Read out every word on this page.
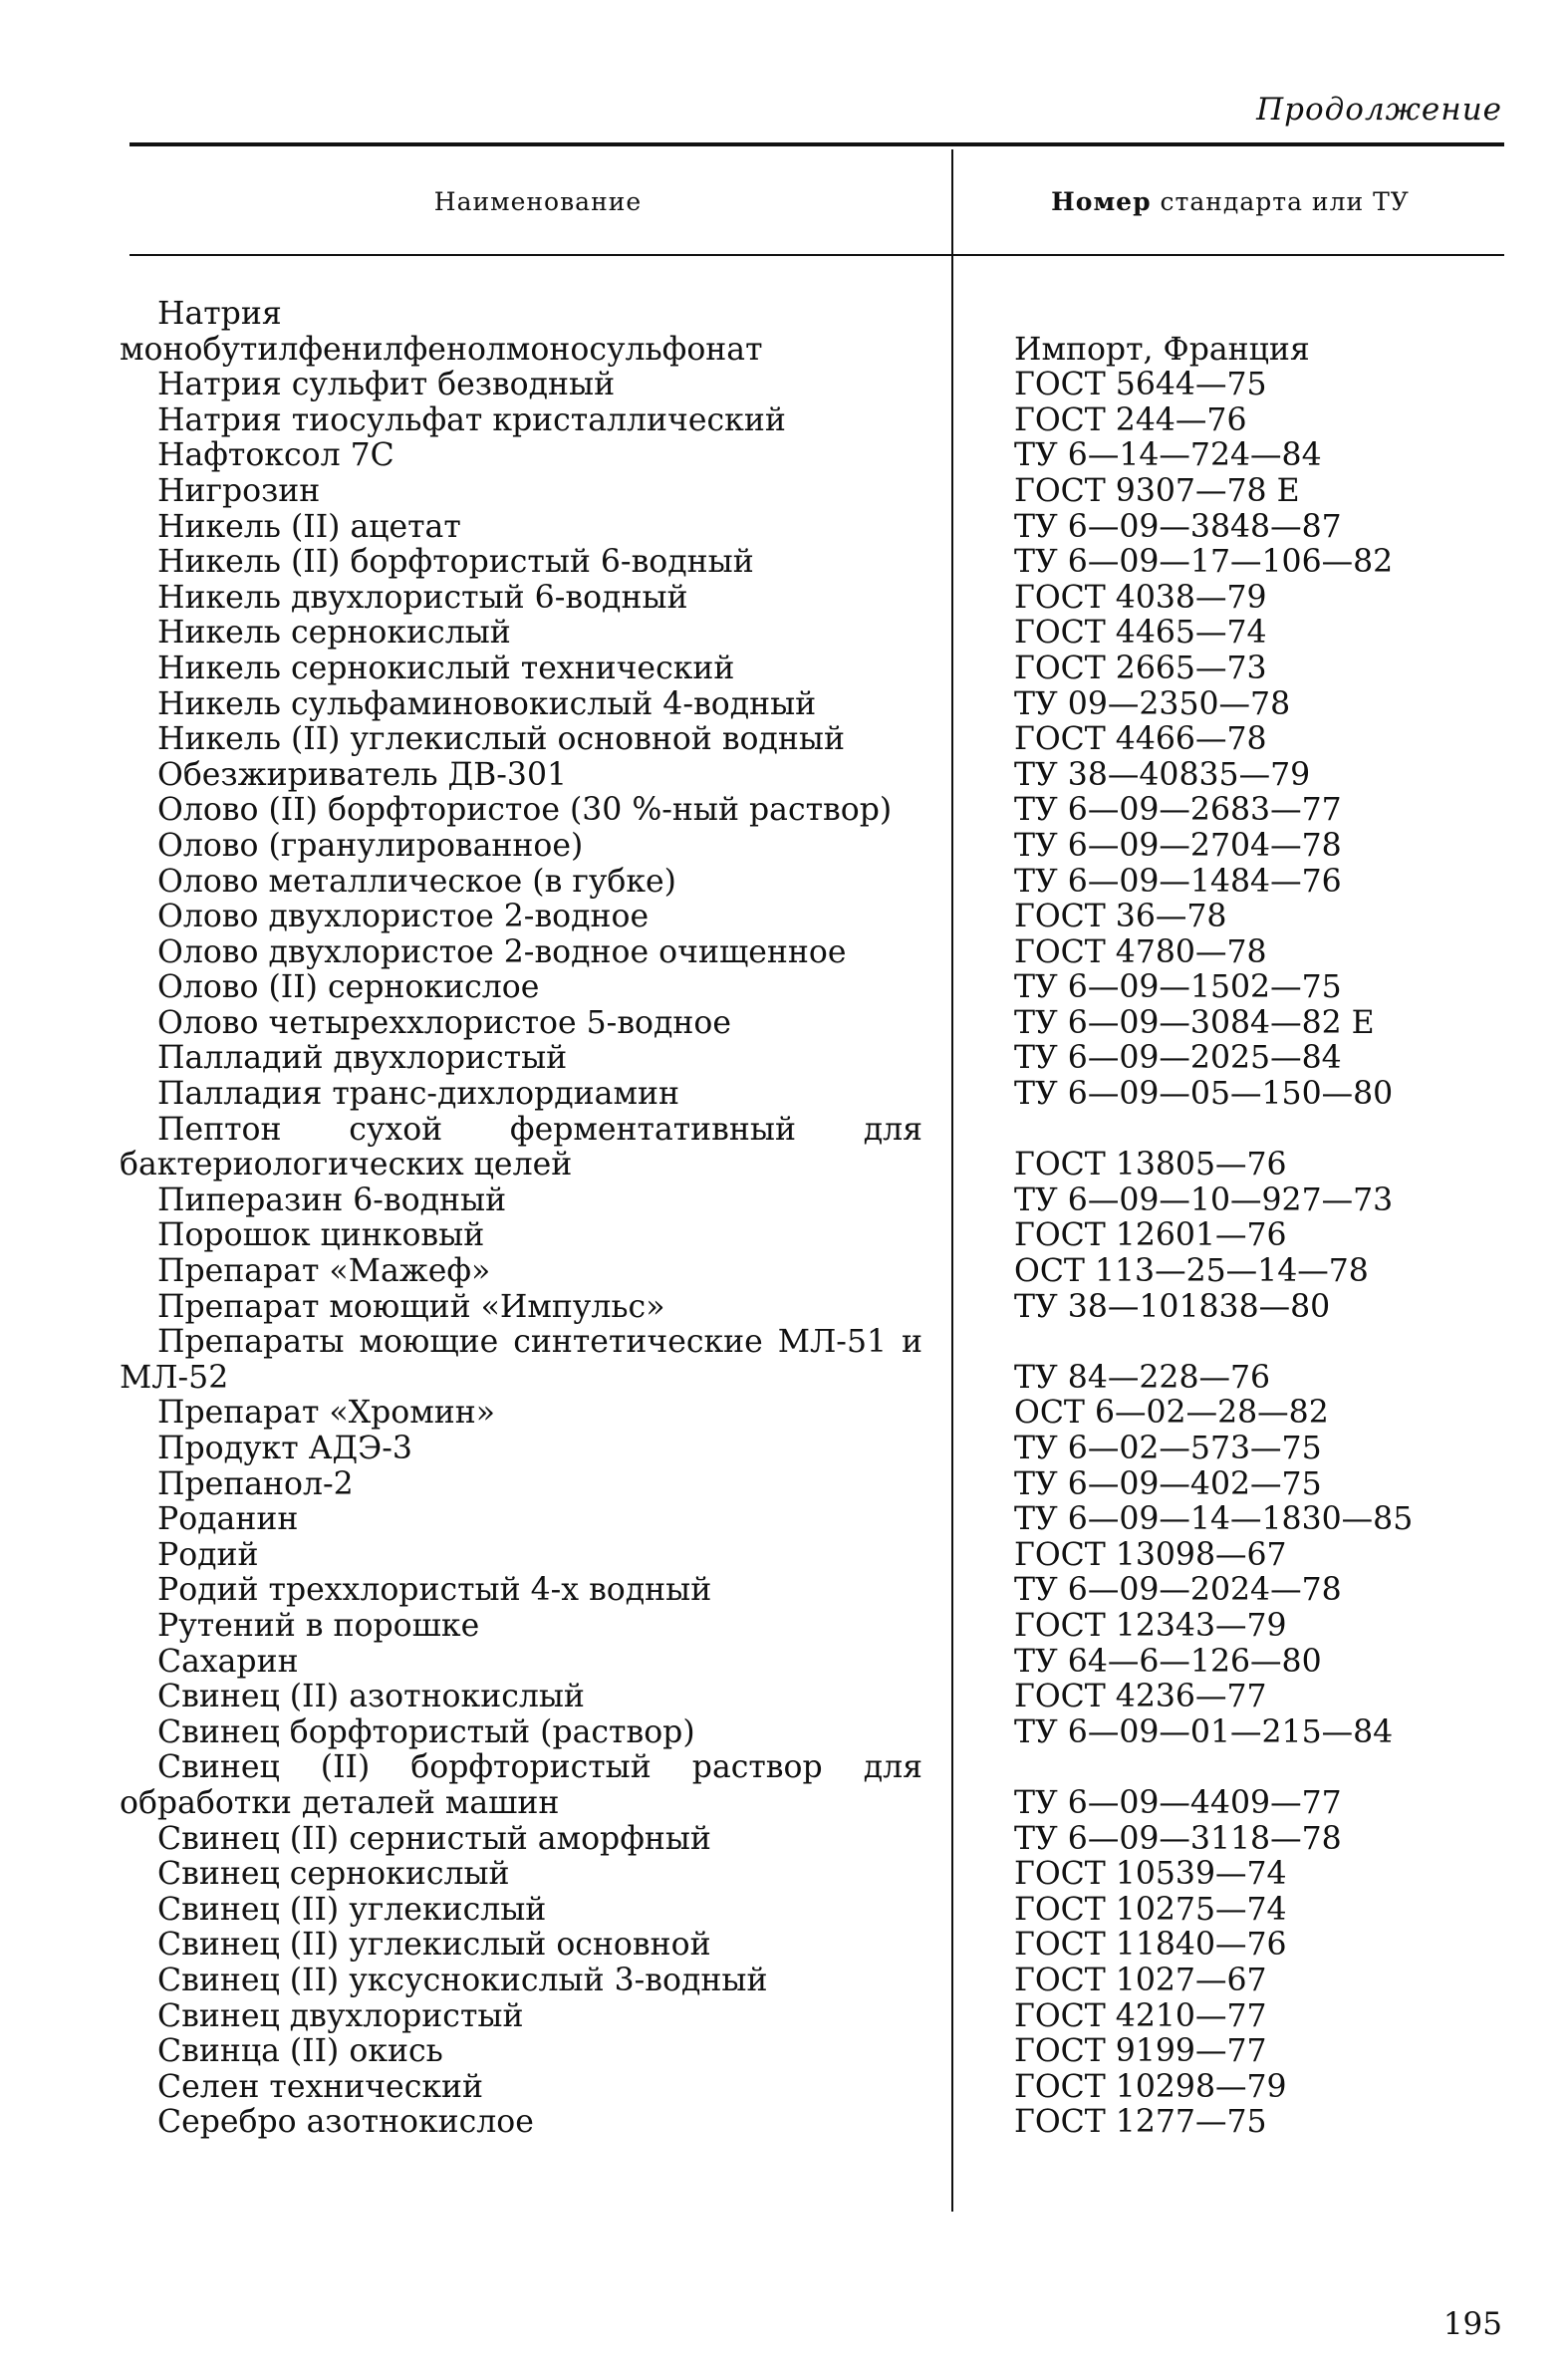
Продолжение
Наименование	Номер стандарта или ТУ
Натрия монобутилфенилфенолмоносульфонат	Импорт, Франция
Натрия сульфит безводный	ГОСТ 5644—75
Натрия тиосульфат кристаллический	ГОСТ 244—76
Нафтоксол 7С	ТУ 6—14—724—84
Нигрозин	ГОСТ 9307—78 Е
Никель (II) ацетат	ТУ 6—09—3848—87
Никель (II) борфтористый 6-водный	ТУ 6—09—17—106—82
Никель двухлористый 6-водный	ГОСТ 4038—79
Никель сернокислый	ГОСТ 4465—74
Никель сернокислый технический	ГОСТ 2665—73
Никель сульфаминовокислый 4-водный	ТУ 09—2350—78
Никель (II) углекислый основной водный	ГОСТ 4466—78
Обезжириватель ДВ-301	ТУ 38—40835—79
Олово (II) борфтористое (30 %-ный раствор)	ТУ 6—09—2683—77
Олово (гранулированное)	ТУ 6—09—2704—78
Олово металлическое (в губке)	ТУ 6—09—1484—76
Олово двухлористое 2-водное	ГОСТ 36—78
Олово двухлористое 2-водное очищенное	ГОСТ 4780—78
Олово (II) сернокислое	ТУ 6—09—1502—75
Олово четыреххлористое 5-водное	ТУ 6—09—3084—82 Е
Палладий двухлористый	ТУ 6—09—2025—84
Палладия транс-дихлордиамин	ТУ 6—09—05—150—80
Пептон сухой ферментативный для бактериологических целей	ГОСТ 13805—76
Пиперазин 6-водный	ТУ 6—09—10—927—73
Порошок цинковый	ГОСТ 12601—76
Препарат «Мажеф»	ОСТ 113—25—14—78
Препарат моющий «Импульс»	ТУ 38—101838—80
Препараты моющие синтетические МЛ-51 и МЛ-52	ТУ 84—228—76
Препарат «Хромин»	ОСТ 6—02—28—82
Продукт АДЭ-3	ТУ 6—02—573—75
Препанол-2	ТУ 6—09—402—75
Роданин	ТУ 6—09—14—1830—85
Родий	ГОСТ 13098—67
Родий треххлористый 4-х водный	ТУ 6—09—2024—78
Рутений в порошке	ГОСТ 12343—79
Сахарин	ТУ 64—6—126—80
Свинец (II) азотнокислый	ГОСТ 4236—77
Свинец борфтористый (раствор)	ТУ 6—09—01—215—84
Свинец (II) борфтористый раствор для обработки деталей машин	ТУ 6—09—4409—77
Свинец (II) сернистый аморфный	ТУ 6—09—3118—78
Свинец сернокислый	ГОСТ 10539—74
Свинец (II) углекислый	ГОСТ 10275—74
Свинец (II) углекислый основной	ГОСТ 11840—76
Свинец (II) уксуснокислый 3-водный	ГОСТ 1027—67
Свинец двухлористый	ГОСТ 4210—77
Свинца (II) окись	ГОСТ 9199—77
Селен технический	ГОСТ 10298—79
Серебро азотнокислое	ГОСТ 1277—75
195
